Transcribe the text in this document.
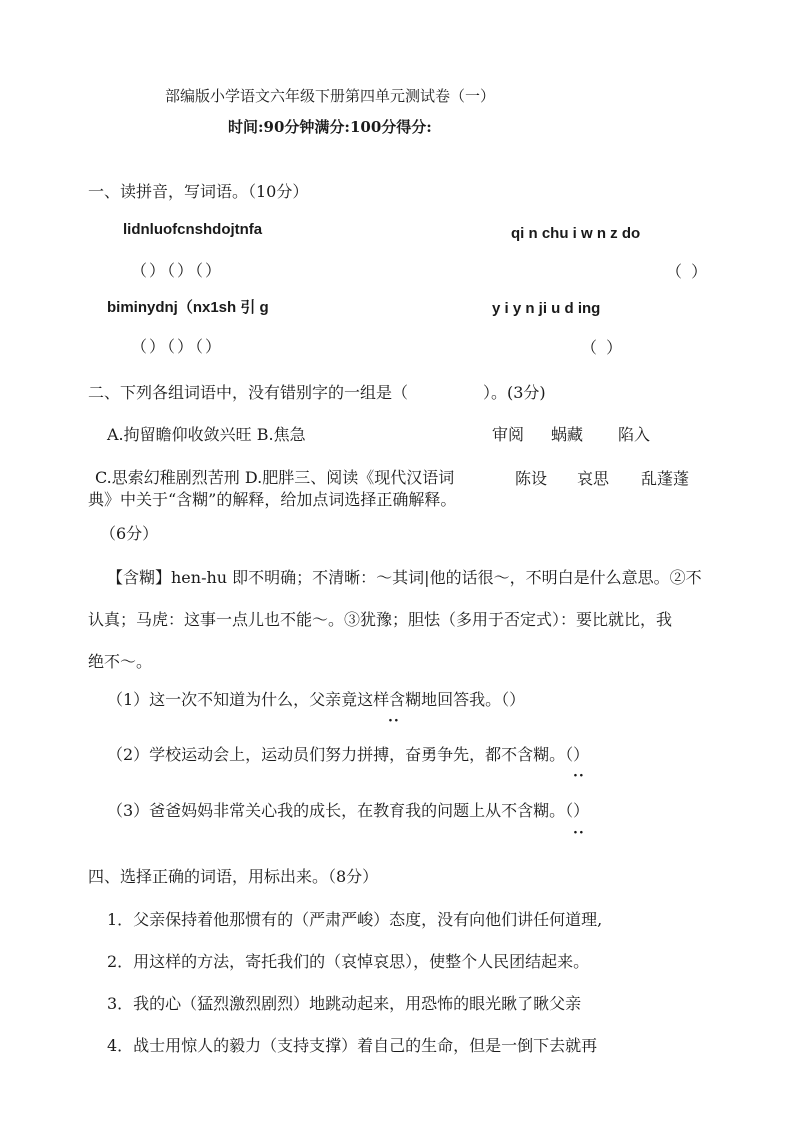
部编版小学语文六年级下册第四单元测试卷（一）
时间:90分钟满分:100分得分:
一、读拼音，写词语。（10分）
lidnluofcnshdojtnfa	qi n chu i w n z do
（）（）（）	（ ）
biminydnj（nx1sh 引 g	y i y n ji u d ing
（）（）（）	（ ）
二、下列各组词语中，没有错别字的一组是（	）。(3分)
A.拘留瞻仰收敛兴旺 B.焦急	审阅 蜗藏 陷入
C.思索幻稚剧烈苦刑 D.肥胖三、阅读《现代汉语词	陈设 哀思 乱蓬蓬
典》中关于“含糊”的解释，给加点词选择正确解释。
（6分）
【含糊】hen-hu 即不明确；不清晰：～其词|他的话很～，不明白是什么意思。②不
认真；马虎：这事一点儿也不能～。③犹豫；胆怯（多用于否定式）：要比就比，我
绝不～。
（1）这一次不知道为什么，父亲竟这样含糊地回答我。（）
··
（2）学校运动会上，运动员们努力拼搏，奋勇争先，都不含糊。（）
··
（3）爸爸妈妈非常关心我的成长，在教育我的问题上从不含糊。（）
··
四、选择正确的词语，用标出来。（8分）
1．父亲保持着他那惯有的（严肃严峻）态度，没有向他们讲任何道理,
2．用这样的方法，寄托我们的（哀悼哀思），使整个人民团结起来。
3．我的心（猛烈激烈剧烈）地跳动起来，用恐怖的眼光瞅了瞅父亲
4．战士用惊人的毅力（支持支撑）着自己的生命，但是一倒下去就再
